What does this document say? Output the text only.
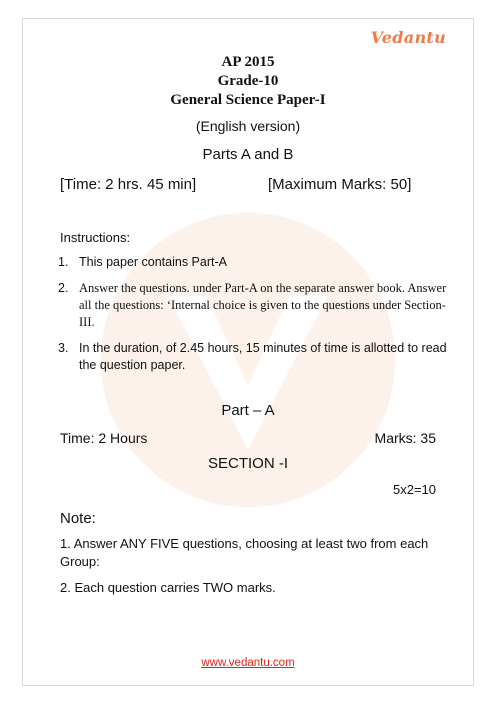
Vedantu
AP 2015
Grade-10
General Science Paper-I
(English version)
Parts A and B
[Time: 2 hrs. 45 min]	[Maximum Marks: 50]
Instructions:
1. This paper contains Part-A
2. Answer the questions. under Part-A on the separate answer book. Answer all the questions: ‘Internal choice is given to the questions under Section-III.
3. In the duration, of 2.45 hours, 15 minutes of time is allotted to read the question paper.
Part – A
Time: 2 Hours	Marks: 35
SECTION -I
5x2=10
Note:
1. Answer ANY FIVE questions, choosing at least two from each Group:
2. Each question carries TWO marks.
www.vedantu.com
